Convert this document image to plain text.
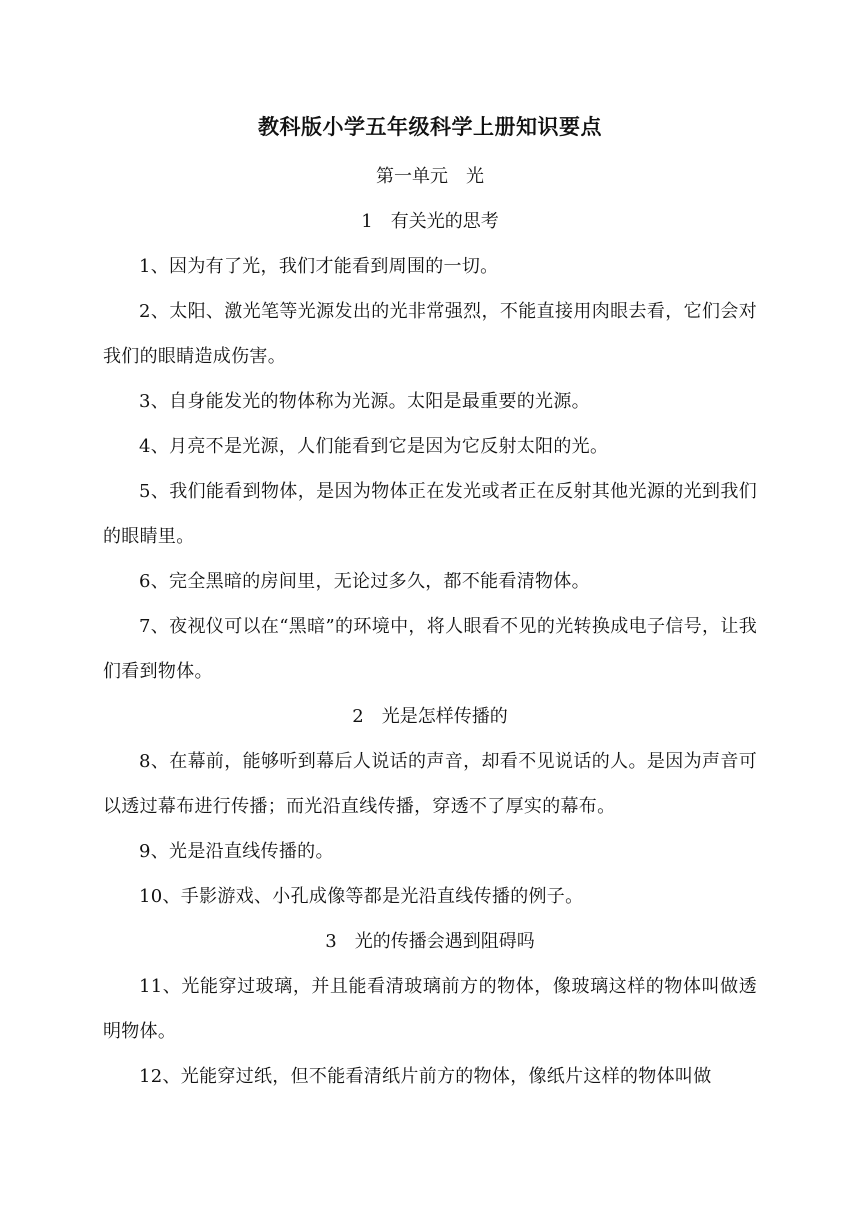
教科版小学五年级科学上册知识要点
第一单元　光
1　有关光的思考

1、因为有了光，我们才能看到周围的一切。

2、太阳、激光笔等光源发出的光非常强烈，不能直接用肉眼去看，它们会对我们的眼睛造成伤害。

3、自身能发光的物体称为光源。太阳是最重要的光源。

4、月亮不是光源，人们能看到它是因为它反射太阳的光。

5、我们能看到物体，是因为物体正在发光或者正在反射其他光源的光到我们的眼睛里。

6、完全黑暗的房间里，无论过多久，都不能看清物体。

7、夜视仪可以在“黑暗”的环境中，将人眼看不见的光转换成电子信号，让我们看到物体。

2　光是怎样传播的

8、在幕前，能够听到幕后人说话的声音，却看不见说话的人。是因为声音可以透过幕布进行传播；而光沿直线传播，穿透不了厚实的幕布。

9、光是沿直线传播的。

10、手影游戏、小孔成像等都是光沿直线传播的例子。

3　光的传播会遇到阻碍吗

11、光能穿过玻璃，并且能看清玻璃前方的物体，像玻璃这样的物体叫做透明物体。

12、光能穿过纸，但不能看清纸片前方的物体，像纸片这样的物体叫做
